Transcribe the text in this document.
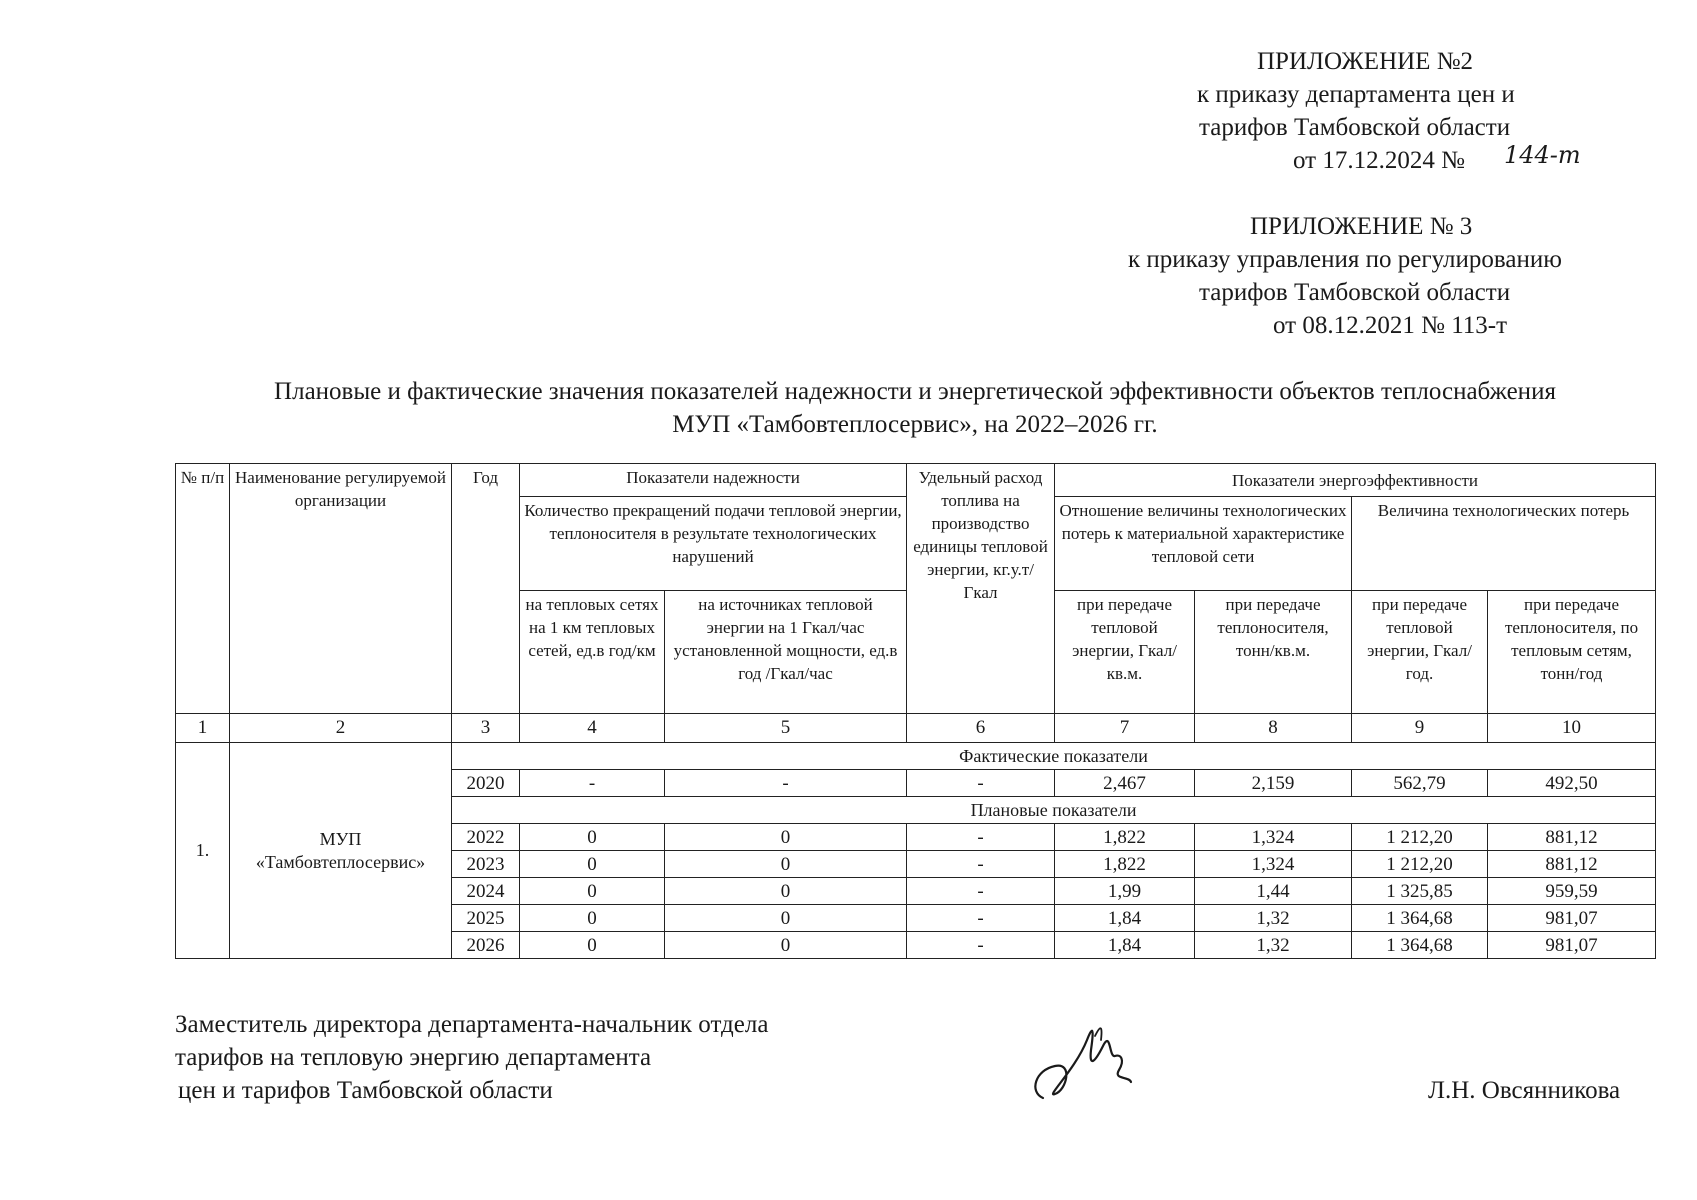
ПРИЛОЖЕНИЕ №2
к приказу департамента цен и
тарифов Тамбовской области
от 17.12.2024 № 144-т
ПРИЛОЖЕНИЕ № 3
к приказу управления по регулированию
тарифов Тамбовской области
от 08.12.2021 № 113-т
Плановые и фактические значения показателей надежности и энергетической эффективности объектов теплоснабжения
МУП «Тамбовтеплосервис», на 2022–2026 гг.
№ п/п	Наименование регулируемой организации	Год	Показатели надежности		Удельный расход топлива на производство единицы тепловой энергии, кг.у.т/Гкал	Показатели энергоэффективности			
			Количество прекращений подачи тепловой энергии, теплоносителя в результате технологических нарушений			Отношение величины технологических потерь к материальной характеристике тепловой сети		Величина технологических потерь	
			на тепловых сетях на 1 км тепловых сетей, ед.в год/км	на источниках тепловой энергии на 1 Гкал/час установленной мощности, ед.в год /Гкал/час		при передаче тепловой энергии, Гкал/кв.м.	при передаче теплоносителя, тонн/кв.м.	при передаче тепловой энергии, Гкал/год.	при передаче теплоносителя, по тепловым сетям, тонн/год
1	2	3	4	5	6	7	8	9	10
1.	МУП «Тамбовтеплосервис»	Фактические показатели							
		2020	-	-	-	2,467	2,159	562,79	492,50
		Плановые показатели							
		2022	0	0	-	1,822	1,324	1 212,20	881,12
		2023	0	0	-	1,822	1,324	1 212,20	881,12
		2024	0	0	-	1,99	1,44	1 325,85	959,59
		2025	0	0	-	1,84	1,32	1 364,68	981,07
		2026	0	0	-	1,84	1,32	1 364,68	981,07
Заместитель директора департамента-начальник отдела
тарифов на тепловую энергию департамента
цен и тарифов Тамбовской области	Л.Н. Овсянникова
